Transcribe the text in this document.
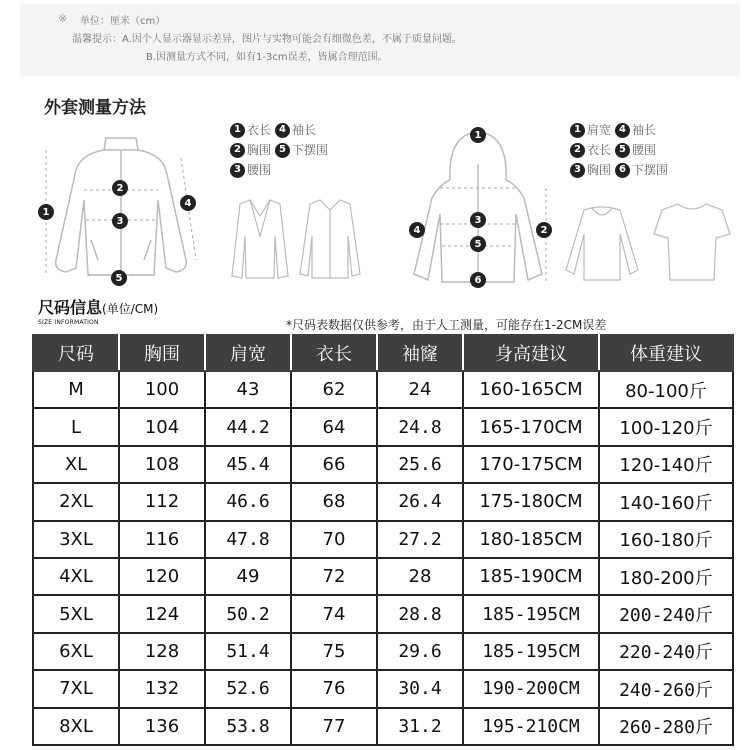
※ 单位：厘米（cm）
温馨提示：A.因个人显示器显示差异，图片与实物可能会有细微色差，不属于质量问题。
B.因测量方式不同，如有1-3cm误差，皆属合理范围。
外套测量方法
1
2
3
4
5
1 衣长 4 袖长
2 胸围 5 下摆围
3 腰围
1
3
5
4	2
6
1 肩宽 4 袖长
2 衣长 5 腰围
3 胸围 6 下摆围
尺码信息(单位/CM)
SIZE INFORMATION	*尺码表数据仅供参考，由于人工测量，可能存在1-2CM误差
尺码	胸围	肩宽	衣长	袖窿	身高建议	体重建议
M	100	43	62	24	160-165CM	80-100斤
L	104	44.2	64	24.8	165-170CM	100-120斤
XL	108	45.4	66	25.6	170-175CM	120-140斤
2XL	112	46.6	68	26.4	175-180CM	140-160斤
3XL	116	47.8	70	27.2	180-185CM	160-180斤
4XL	120	49	72	28	185-190CM	180-200斤
5XL	124	50.2	74	28.8	185-195CM	200-240斤
6XL	128	51.4	75	29.6	185-195CM	220-240斤
7XL	132	52.6	76	30.4	190-200CM	240-260斤
8XL	136	53.8	77	31.2	195-210CM	260-280斤
